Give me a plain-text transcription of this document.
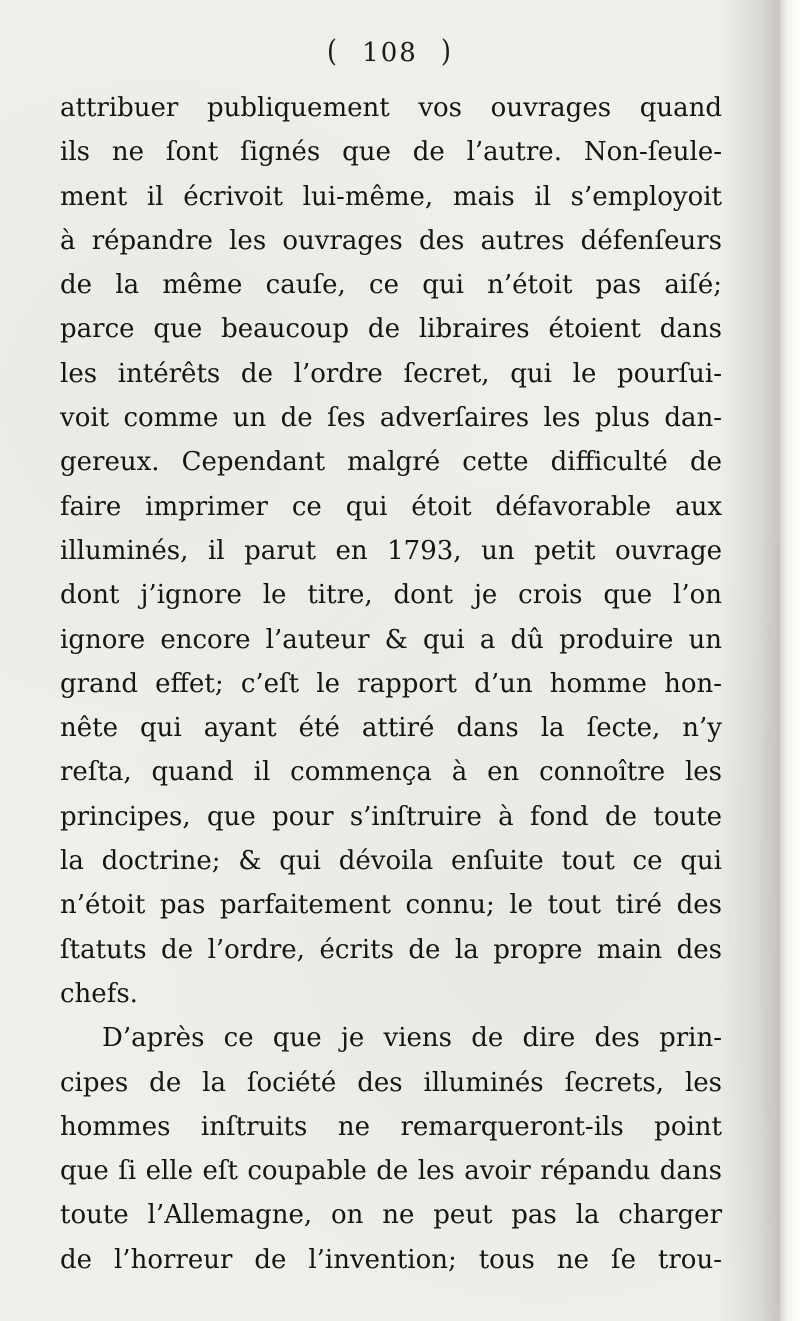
( 108 )
attribuer publiquement vos ouvrages quand
ils ne ſont ſignés que de l’autre. Non-ſeule-
ment il écrivoit lui-même, mais il s’employoit
à répandre les ouvrages des autres défenſeurs
de la même cauſe, ce qui n’étoit pas aiſé;
parce que beaucoup de libraires étoient dans
les intérêts de l’ordre ſecret, qui le pourſui-
voit comme un de ſes adverſaires les plus dan-
gereux. Cependant malgré cette difficulté de
faire imprimer ce qui étoit défavorable aux
illuminés, il parut en 1793, un petit ouvrage
dont j’ignore le titre, dont je crois que l’on
ignore encore l’auteur & qui a dû produire un
grand effet; c’eſt le rapport d’un homme hon-
nête qui ayant été attiré dans la ſecte, n’y
reſta, quand il commença à en connoître les
principes, que pour s’inſtruire à fond de toute
la doctrine; & qui dévoila enſuite tout ce qui
n’étoit pas parfaitement connu; le tout tiré des
ſtatuts de l’ordre, écrits de la propre main des
chefs.
D’après ce que je viens de dire des prin-
cipes de la ſociété des illuminés ſecrets, les
hommes inſtruits ne remarqueront-ils point
que ſi elle eſt coupable de les avoir répandu dans
toute l’Allemagne, on ne peut pas la charger
de l’horreur de l’invention; tous ne ſe trou-
